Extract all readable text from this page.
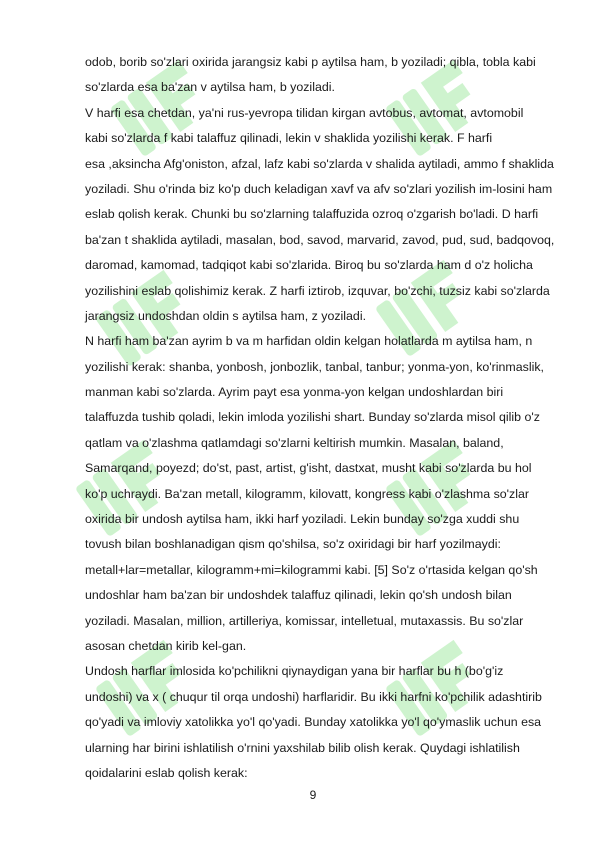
odob, borib so'zlari oxirida jarangsiz kabi p aytilsa ham, b yoziladi; qibla, tobla kabi
so'zlarda esa ba'zan v aytilsa ham, b yoziladi.
V harfi esa chetdan, ya'ni rus-yevropa tilidan kirgan avtobus, avtomat, avtomobil
kabi so'zlarda f kabi talaffuz qilinadi, lekin v shaklida yozilishi kerak. F harfi
esa ,aksincha Afg'oniston, afzal, lafz kabi so'zlarda v shalida aytiladi, ammo f shaklida
yoziladi. Shu o'rinda biz ko'p duch keladigan xavf va afv so'zlari yozilish im-losini ham
eslab qolish kerak. Chunki bu so'zlarning talaffuzida ozroq o'zgarish bo'ladi. D harfi
ba'zan t shaklida aytiladi, masalan, bod, savod, marvarid, zavod, pud, sud, badqovoq,
daromad, kamomad, tadqiqot kabi so'zlarida. Biroq bu so'zlarda ham d o'z holicha
yozilishini eslab qolishimiz kerak. Z harfi iztirob, izquvar, bo'zchi, tuzsiz kabi so'zlarda
jarangsiz undoshdan oldin s aytilsa ham, z yoziladi.
N harfi ham ba'zan ayrim b va m harfidan oldin kelgan holatlarda m aytilsa ham, n
yozilishi kerak: shanba, yonbosh, jonbozlik, tanbal, tanbur; yonma-yon, ko'rinmaslik,
manman kabi so'zlarda. Ayrim payt esa yonma-yon kelgan undoshlardan biri
talaffuzda tushib qoladi, lekin imloda yozilishi shart. Bunday so'zlarda misol qilib o'z
qatlam va o'zlashma qatlamdagi so'zlarni keltirish mumkin. Masalan, baland,
Samarqand, poyezd; do'st, past, artist, g'isht, dastxat, musht kabi so'zlarda bu hol
ko'p uchraydi. Ba'zan metall, kilogramm, kilovatt, kongress kabi o'zlashma so'zlar
oxirida bir undosh aytilsa ham, ikki harf yoziladi. Lekin bunday so'zga xuddi shu
tovush bilan boshlanadigan qism qo'shilsa, so'z oxiridagi bir harf yozilmaydi:
metall+lar=metallar, kilogramm+mi=kilogrammi kabi. [5] So'z o'rtasida kelgan qo'sh
undoshlar ham ba'zan bir undoshdek talaffuz qilinadi, lekin qo'sh undosh bilan
yoziladi. Masalan, million, artilleriya, komissar, intelletual, mutaxassis. Bu so'zlar
asosan chetdan kirib kel-gan.
Undosh harflar imlosida ko'pchilikni qiynaydigan yana bir harflar bu h (bo'g'iz
undoshi) va x ( chuqur til orqa undoshi) harflaridir. Bu ikki harfni ko'pchilik adashtirib
qo'yadi va imloviy xatolikka yo'l qo'yadi. Bunday xatolikka yo'l qo'ymaslik uchun esa
ularning har birini ishlatilish o'rnini yaxshilab bilib olish kerak. Quydagi ishlatilish
qoidalarini eslab qolish kerak:
9
